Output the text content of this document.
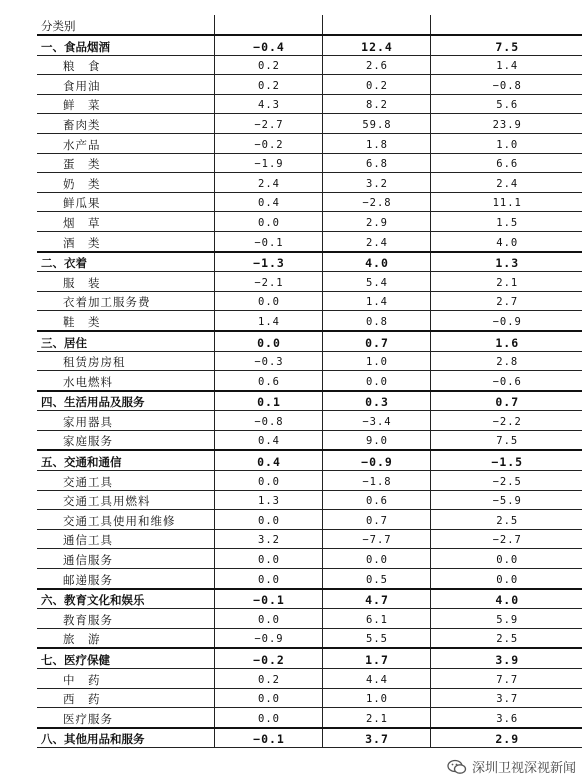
分类别			
一、食品烟酒	−0.4	12.4	7.5
粮　食	0.2	2.6	1.4
食用油	0.2	0.2	−0.8
鲜　菜	4.3	8.2	5.6
畜肉类	−2.7	59.8	23.9
水产品	−0.2	1.8	1.0
蛋　类	−1.9	6.8	6.6
奶　类	2.4	3.2	2.4
鲜瓜果	0.4	−2.8	11.1
烟　草	0.0	2.9	1.5
酒　类	−0.1	2.4	4.0
二、衣着	−1.3	4.0	1.3
服　装	−2.1	5.4	2.1
衣着加工服务费	0.0	1.4	2.7
鞋　类	1.4	0.8	−0.9
三、居住	0.0	0.7	1.6
租赁房房租	−0.3	1.0	2.8
水电燃料	0.6	0.0	−0.6
四、生活用品及服务	0.1	0.3	0.7
家用器具	−0.8	−3.4	−2.2
家庭服务	0.4	9.0	7.5
五、交通和通信	0.4	−0.9	−1.5
交通工具	0.0	−1.8	−2.5
交通工具用燃料	1.3	0.6	−5.9
交通工具使用和维修	0.0	0.7	2.5
通信工具	3.2	−7.7	−2.7
通信服务	0.0	0.0	0.0
邮递服务	0.0	0.5	0.0
六、教育文化和娱乐	−0.1	4.7	4.0
教育服务	0.0	6.1	5.9
旅　游	−0.9	5.5	2.5
七、医疗保健	−0.2	1.7	3.9
中　药	0.2	4.4	7.7
西　药	0.0	1.0	3.7
医疗服务	0.0	2.1	3.6
八、其他用品和服务	−0.1	3.7	2.9
深圳卫视深视新闻
